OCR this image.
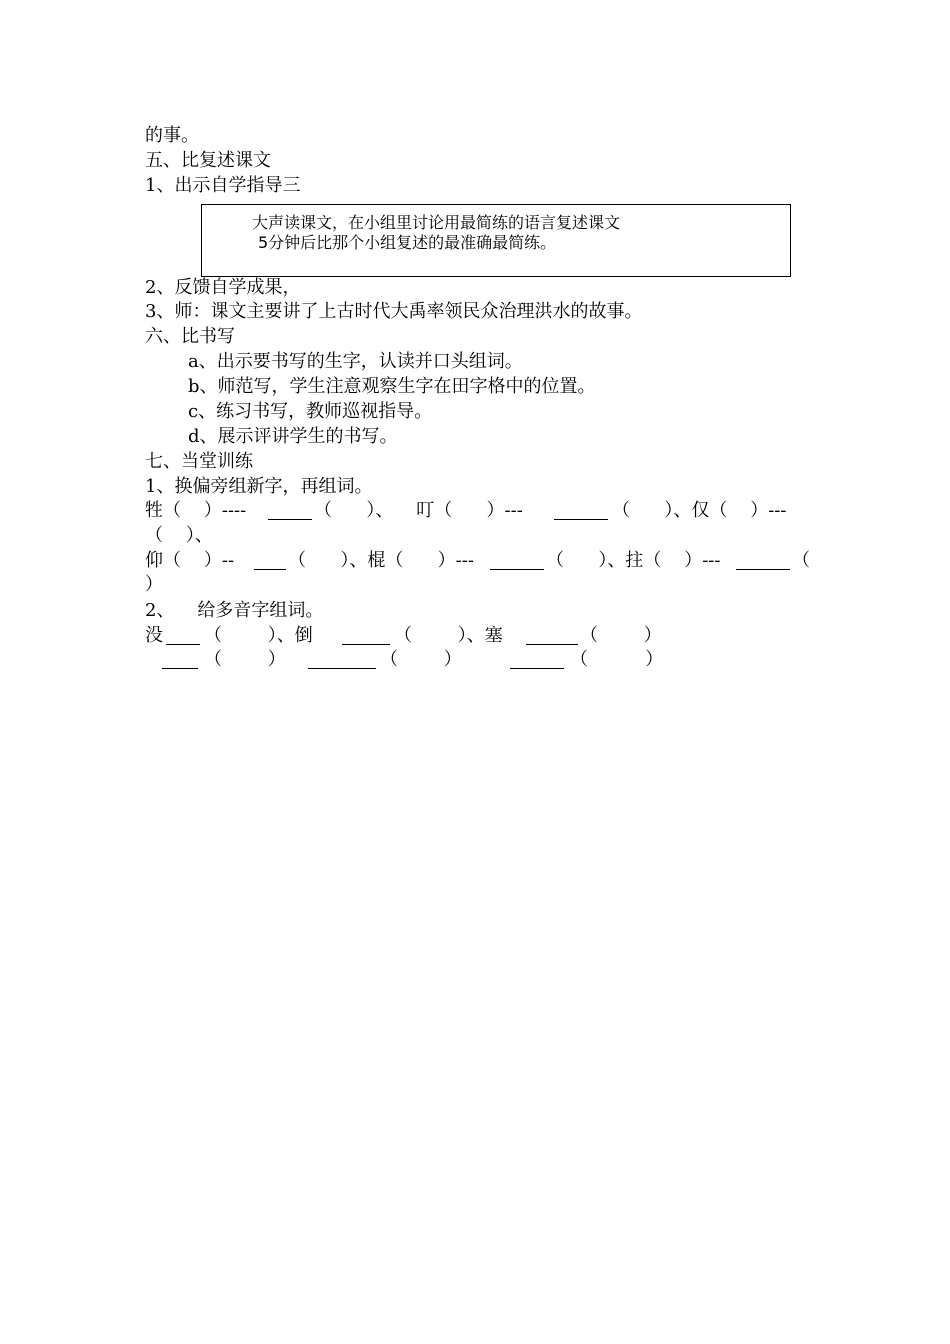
的事。
五、比复述课文
1、出示自学指导三
大声读课文，在小组里讨论用最简练的语言复述课文
5分钟后比那个小组复述的最准确最简练。
2、反馈自学成果，
3、师：课文主要讲了上古时代大禹率领民众治理洪水的故事。
六、比书写
a、出示要书写的生字，认读并口头组词。
b、师范写，学生注意观察生字在田字格中的位置。
c、练习书写，教师巡视指导。
d、展示评讲学生的书写。
七、当堂训练
1、换偏旁组新字，再组词。
牲（    ）----	（      ）、    叮（      ）---	（      ）、仅（    ）---
（    ）、
仰（    ）--	（      ）、棍（      ）---	（      ）、拄（    ）---	（
）
2、    给多音字组词。
没 （        ）、倒	（        ）、塞	（        ）
（        ）	（        ）	（          ）
